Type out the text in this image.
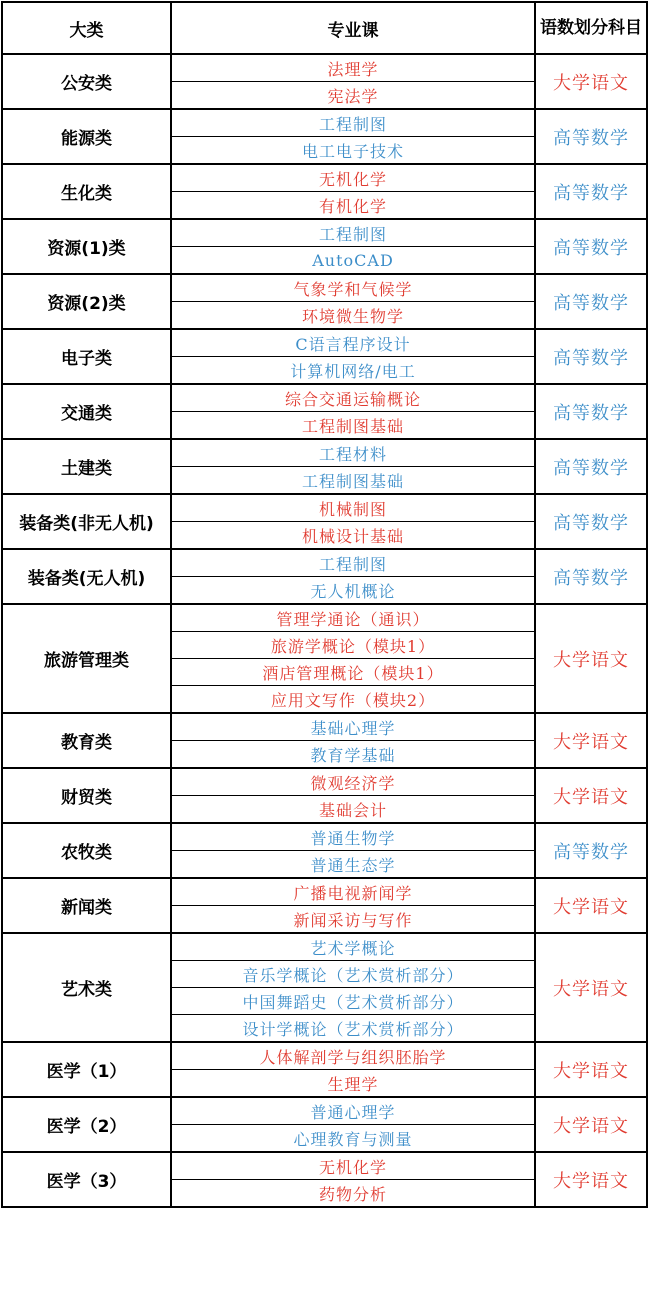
大类	专业课	语数划分科目
公安类	法理学	大学语文
	宪法学	
能源类	工程制图	高等数学
	电工电子技术	
生化类	无机化学	高等数学
	有机化学	
资源(1)类	工程制图	高等数学
	AutoCAD	
资源(2)类	气象学和气候学	高等数学
	环境微生物学	
电子类	C语言程序设计	高等数学
	计算机网络/电工	
交通类	综合交通运输概论	高等数学
	工程制图基础	
土建类	工程材料	高等数学
	工程制图基础	
装备类(非无人机)	机械制图	高等数学
	机械设计基础	
装备类(无人机)	工程制图	高等数学
	无人机概论	
旅游管理类	管理学通论（通识）	大学语文
	旅游学概论（模块1）	
	酒店管理概论（模块1）	
	应用文写作（模块2）	
教育类	基础心理学	大学语文
	教育学基础	
财贸类	微观经济学	大学语文
	基础会计	
农牧类	普通生物学	高等数学
	普通生态学	
新闻类	广播电视新闻学	大学语文
	新闻采访与写作	
艺术类	艺术学概论	大学语文
	音乐学概论（艺术赏析部分）	
	中国舞蹈史（艺术赏析部分）	
	设计学概论（艺术赏析部分）	
医学（1）	人体解剖学与组织胚胎学	大学语文
	生理学	
医学（2）	普通心理学	大学语文
	心理教育与测量	
医学（3）	无机化学	大学语文
	药物分析	
